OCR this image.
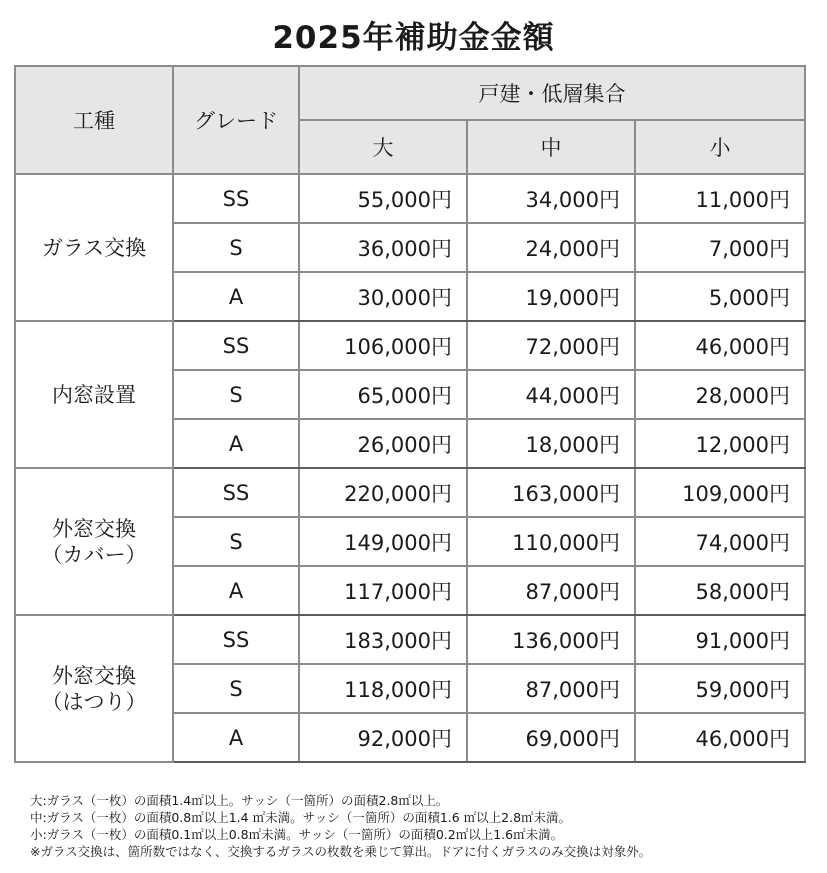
2025年補助金金額
工種	グレード	戸建・低層集合		
		大	中	小

ガラス交換	SS	55,000円	34,000円	11,000円
	S	36,000円	24,000円	7,000円
	A	30,000円	19,000円	5,000円

内窓設置	SS	106,000円	72,000円	46,000円
	S	65,000円	44,000円	28,000円
	A	26,000円	18,000円	12,000円

外窓交換
（カバー）	SS	220,000円	163,000円	109,000円
	S	149,000円	110,000円	74,000円
	A	117,000円	87,000円	58,000円

外窓交換
（はつり）	SS	183,000円	136,000円	91,000円
	S	118,000円	87,000円	59,000円
	A	92,000円	69,000円	46,000円
大:ガラス（一枚）の面積1.4㎡以上。サッシ（一箇所）の面積2.8㎡以上。
中:ガラス（一枚）の面積0.8㎡以上1.4 ㎡未満。サッシ（一箇所）の面積1.6 ㎡以上2.8㎡未満。
小:ガラス（一枚）の面積0.1㎡以上0.8㎡未満。サッシ（一箇所）の面積0.2㎡以上1.6㎡未満。
※ガラス交換は、箇所数ではなく、交換するガラスの枚数を乗じて算出。ドアに付くガラスのみ交換は対象外。
